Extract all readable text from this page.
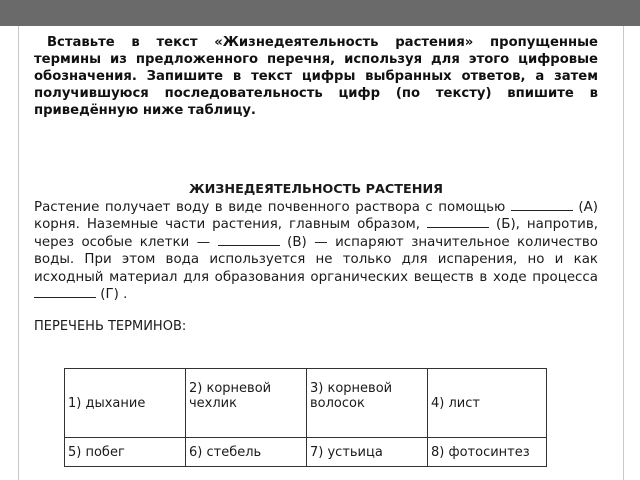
Вставьте в текст «Жизнедеятельность растения» пропущенные термины из предложенного перечня, используя для этого цифровые обозначения. Запишите в текст цифры выбранных ответов, а затем получившуюся последовательность цифр (по тексту) впишите в приведённую ниже таблицу.
ЖИЗНЕДЕЯТЕЛЬНОСТЬ РАСТЕНИЯ
Растение получает воду в виде почвенного раствора с помощью	(А) корня. Наземные части растения, главным образом,	(Б), напротив, через особые клетки —	(В) — испаряют значительное количество воды. При этом вода используется не только для испарения, но и как исходный материал для образования органических веществ в ходе процесса  (Г) .
ПЕРЕЧЕНЬ ТЕРМИНОВ:
1) дыхание	2) корневой чехлик	3) корневой волосок	4) лист
5) побег	6) стебель	7) устьица	8) фотосинтез
